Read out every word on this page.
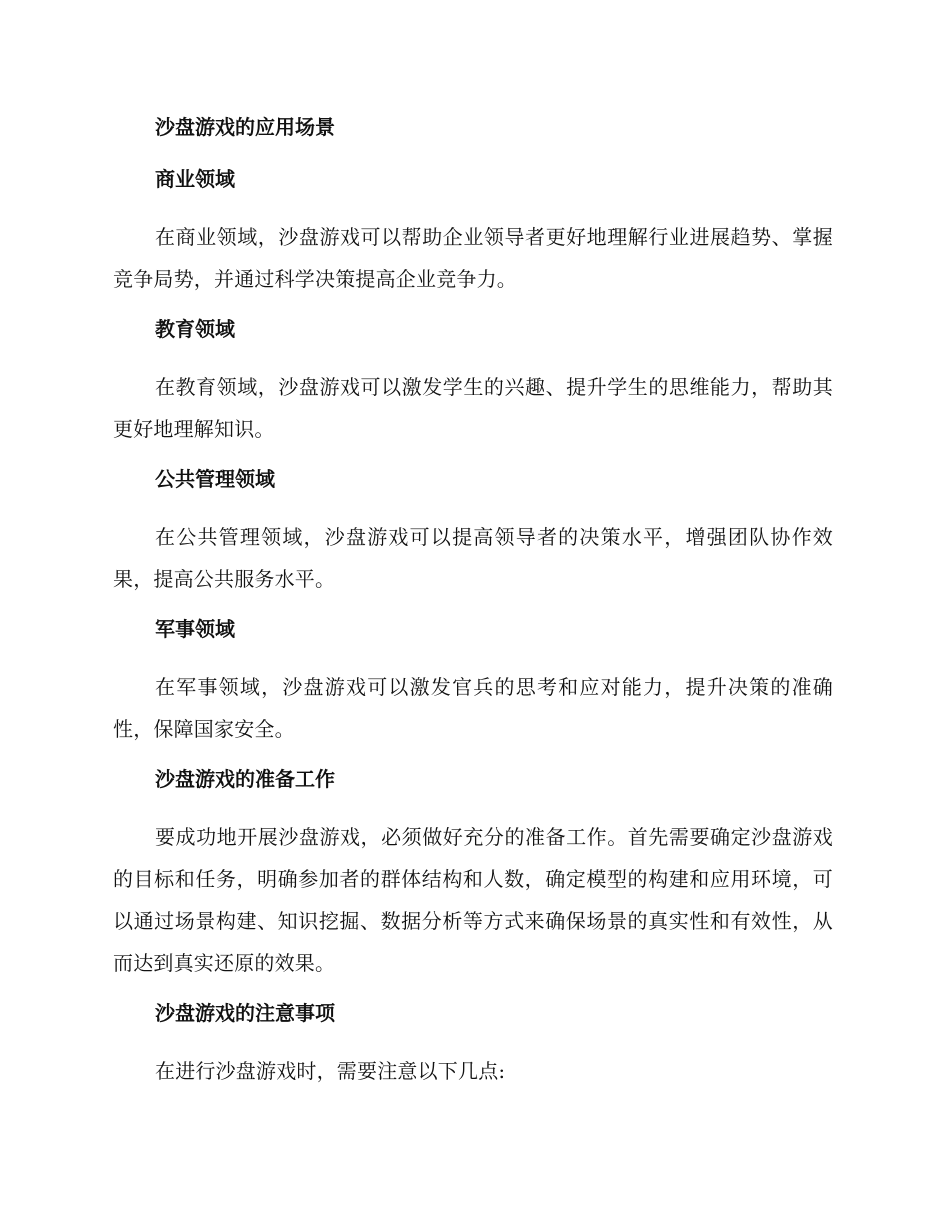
沙盘游戏的应用场景
商业领域

在商业领域，沙盘游戏可以帮助企业领导者更好地理解行业进展趋势、掌握竞争局势，并通过科学决策提高企业竞争力。

教育领域

在教育领域，沙盘游戏可以激发学生的兴趣、提升学生的思维能力，帮助其更好地理解知识。

公共管理领域

在公共管理领域，沙盘游戏可以提高领导者的决策水平，增强团队协作效果，提高公共服务水平。

军事领域

在军事领域，沙盘游戏可以激发官兵的思考和应对能力，提升决策的准确性，保障国家安全。

沙盘游戏的准备工作

要成功地开展沙盘游戏，必须做好充分的准备工作。首先需要确定沙盘游戏的目标和任务，明确参加者的群体结构和人数，确定模型的构建和应用环境，可以通过场景构建、知识挖掘、数据分析等方式来确保场景的真实性和有效性，从而达到真实还原的效果。

沙盘游戏的注意事项

在进行沙盘游戏时，需要注意以下几点:
